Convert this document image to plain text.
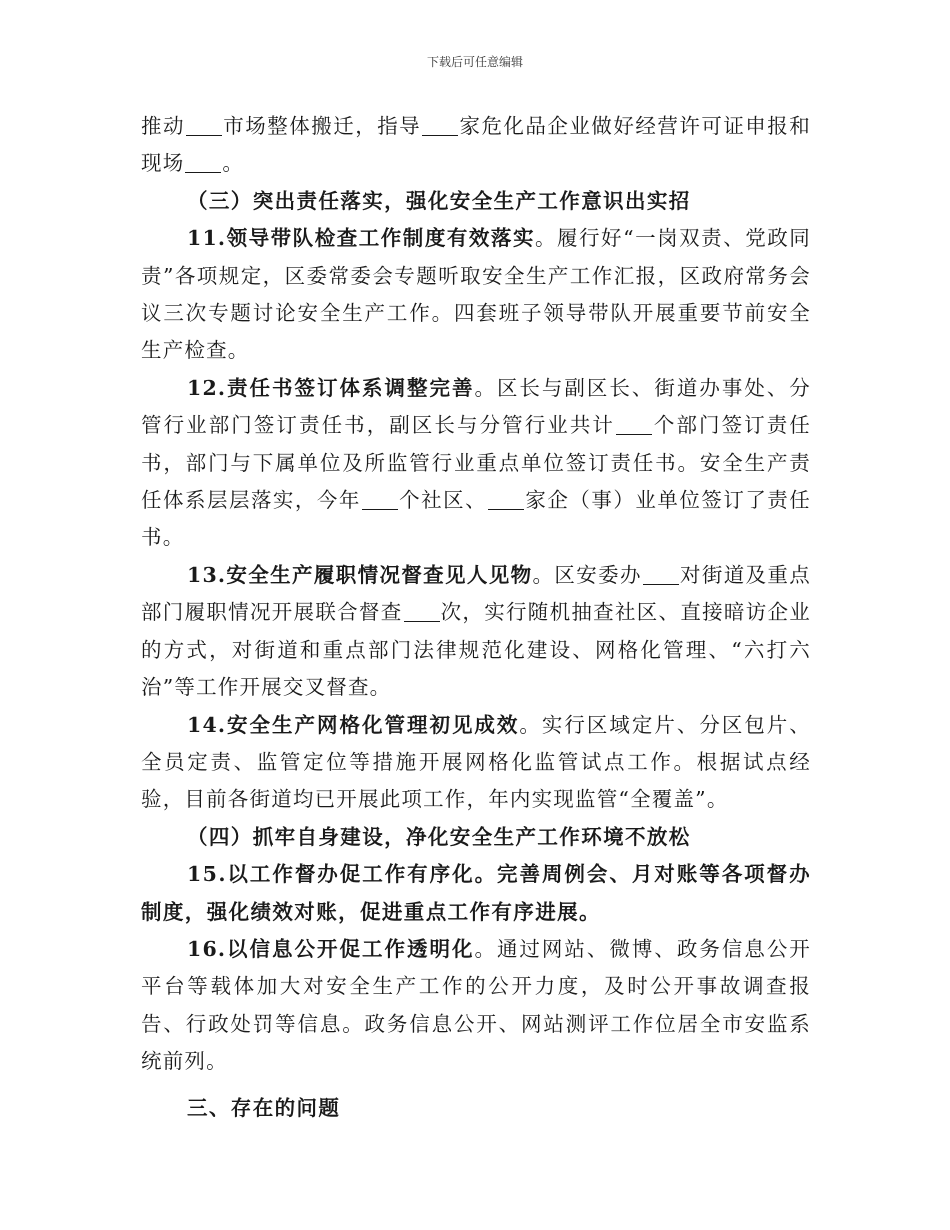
下载后可任意编辑

推动 市场整体搬迁，指导 家危化品企业做好经营许可证申报和现场 。

（三）突出责任落实，强化安全生产工作意识出实招

11.领导带队检查工作制度有效落实。履行好“一岗双责、党政同责”各项规定，区委常委会专题听取安全生产工作汇报，区政府常务会议三次专题讨论安全生产工作。四套班子领导带队开展重要节前安全生产检查。

12.责任书签订体系调整完善。区长与副区长、街道办事处、分管行业部门签订责任书，副区长与分管行业共计 个部门签订责任书，部门与下属单位及所监管行业重点单位签订责任书。安全生产责任体系层层落实，今年 个社区、 家企（事）业单位签订了责任书。

13.安全生产履职情况督查见人见物。区安委办 对街道及重点部门履职情况开展联合督查 次，实行随机抽查社区、直接暗访企业的方式，对街道和重点部门法律规范化建设、网格化管理、“六打六治”等工作开展交叉督查。

14.安全生产网格化管理初见成效。实行区域定片、分区包片、全员定责、监管定位等措施开展网格化监管试点工作。根据试点经验，目前各街道均已开展此项工作，年内实现监管“全覆盖”。

（四）抓牢自身建设，净化安全生产工作环境不放松

15.以工作督办促工作有序化。完善周例会、月对账等各项督办制度，强化绩效对账，促进重点工作有序进展。

16.以信息公开促工作透明化。通过网站、微博、政务信息公开平台等载体加大对安全生产工作的公开力度，及时公开事故调查报告、行政处罚等信息。政务信息公开、网站测评工作位居全市安监系统前列。

三、存在的问题
